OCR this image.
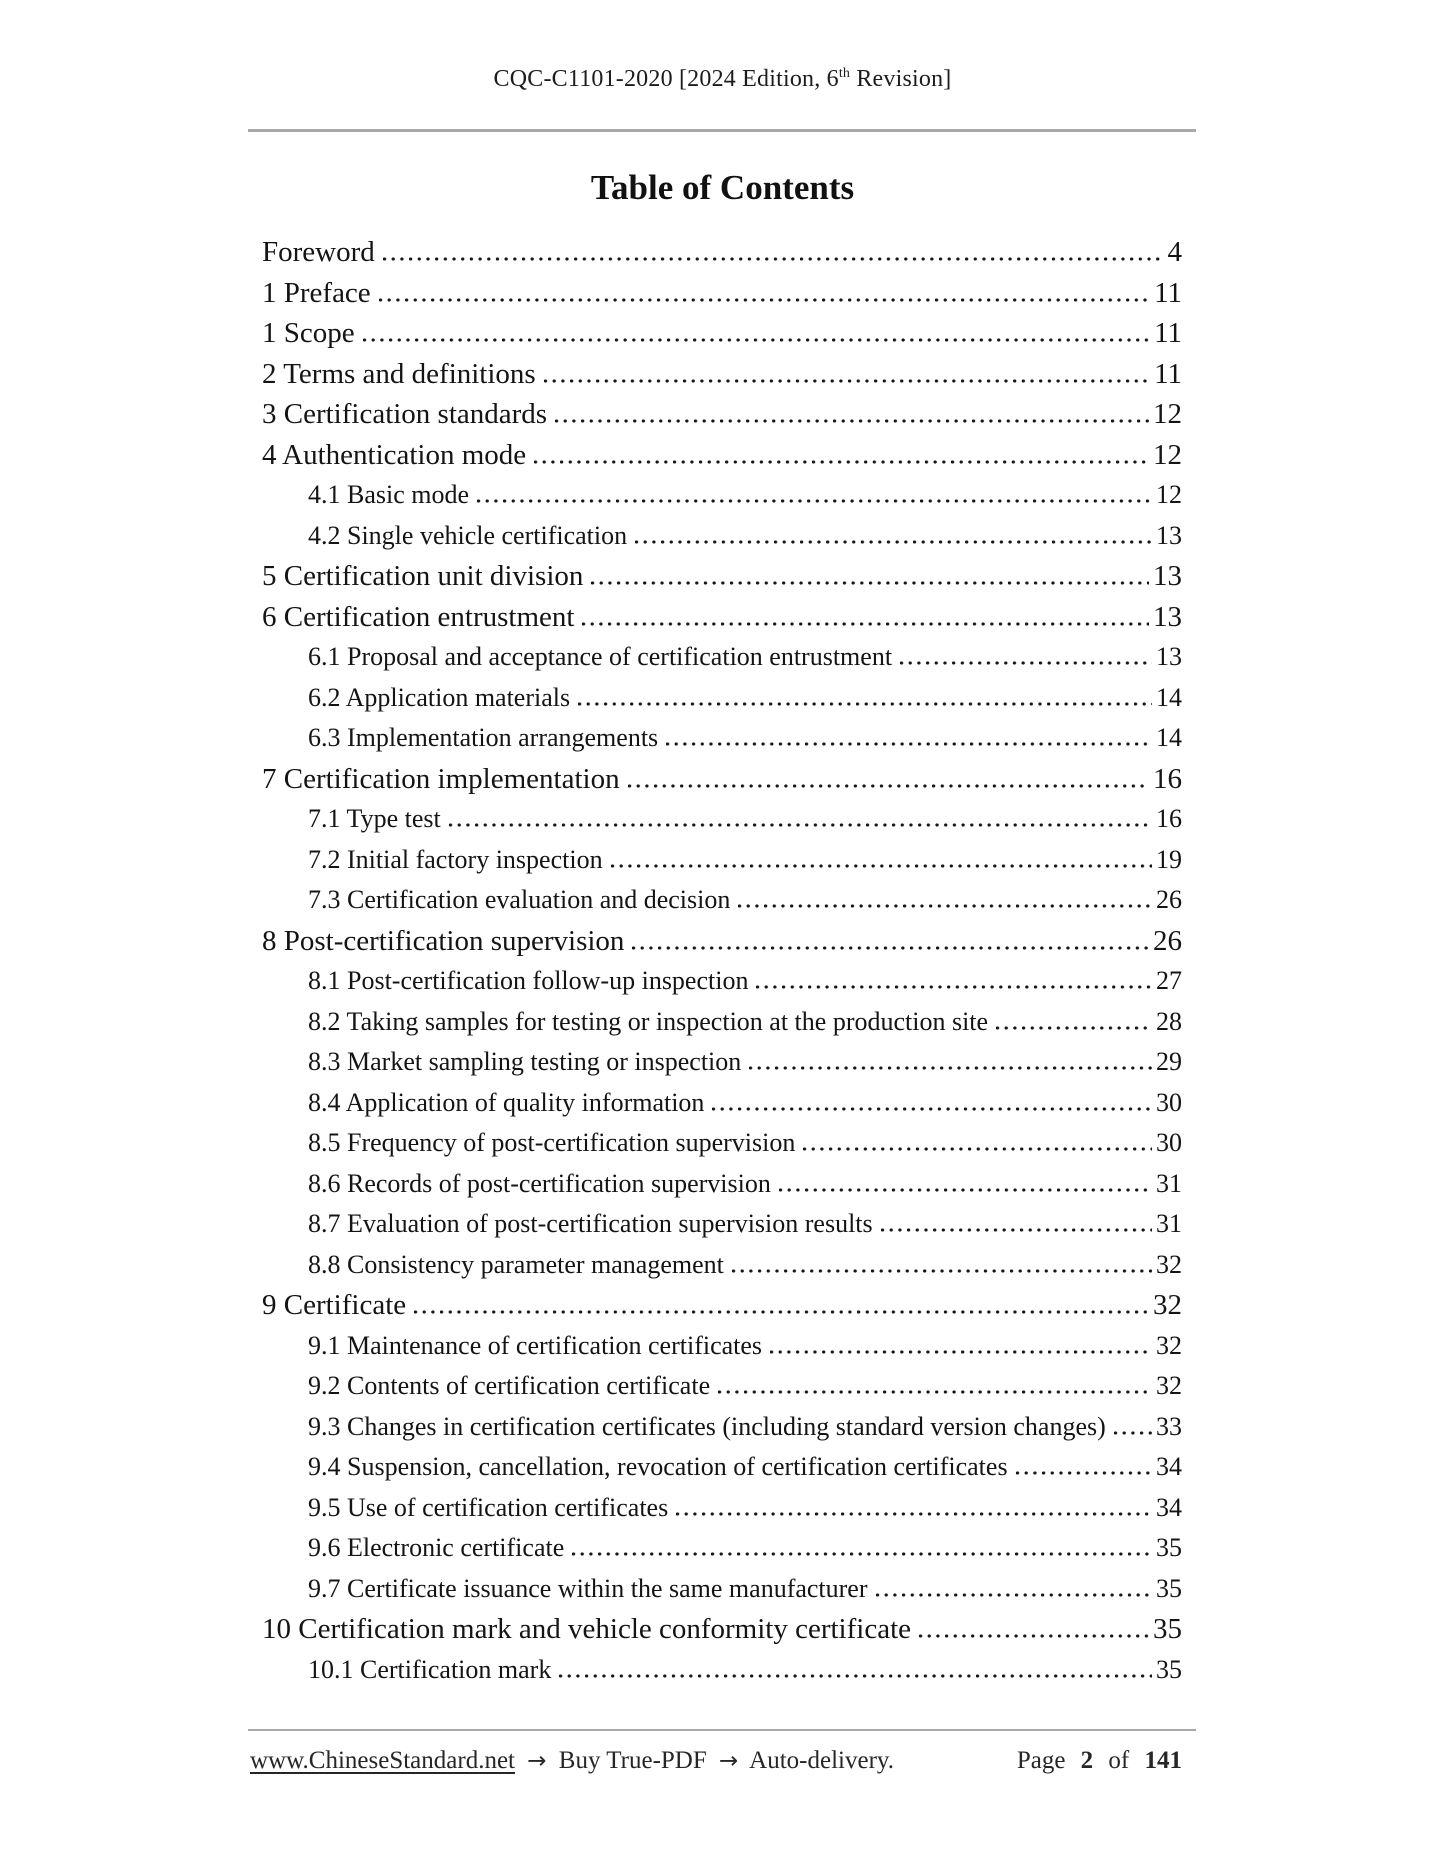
CQC-C1101-2020 [2024 Edition, 6th Revision]
Table of Contents
Foreword	4
1 Preface	11
1 Scope	11
2 Terms and definitions	11
3 Certification standards	12
4 Authentication mode	12
4.1 Basic mode	12
4.2 Single vehicle certification	13
5 Certification unit division	13
6 Certification entrustment	13
6.1 Proposal and acceptance of certification entrustment	13
6.2 Application materials	14
6.3 Implementation arrangements	14
7 Certification implementation	16
7.1 Type test	16
7.2 Initial factory inspection	19
7.3 Certification evaluation and decision	26
8 Post-certification supervision	26
8.1 Post-certification follow-up inspection	27
8.2 Taking samples for testing or inspection at the production site	28
8.3 Market sampling testing or inspection	29
8.4 Application of quality information	30
8.5 Frequency of post-certification supervision	30
8.6 Records of post-certification supervision	31
8.7 Evaluation of post-certification supervision results	31
8.8 Consistency parameter management	32
9 Certificate	32
9.1 Maintenance of certification certificates	32
9.2 Contents of certification certificate	32
9.3 Changes in certification certificates (including standard version changes) 33
9.4 Suspension, cancellation, revocation of certification certificates	34
9.5 Use of certification certificates	34
9.6 Electronic certificate	35
9.7 Certificate issuance within the same manufacturer	35
10 Certification mark and vehicle conformity certificate	35
10.1 Certification mark	35
www.ChineseStandard.net → Buy True-PDF → Auto-delivery.	Page 2 of 141
